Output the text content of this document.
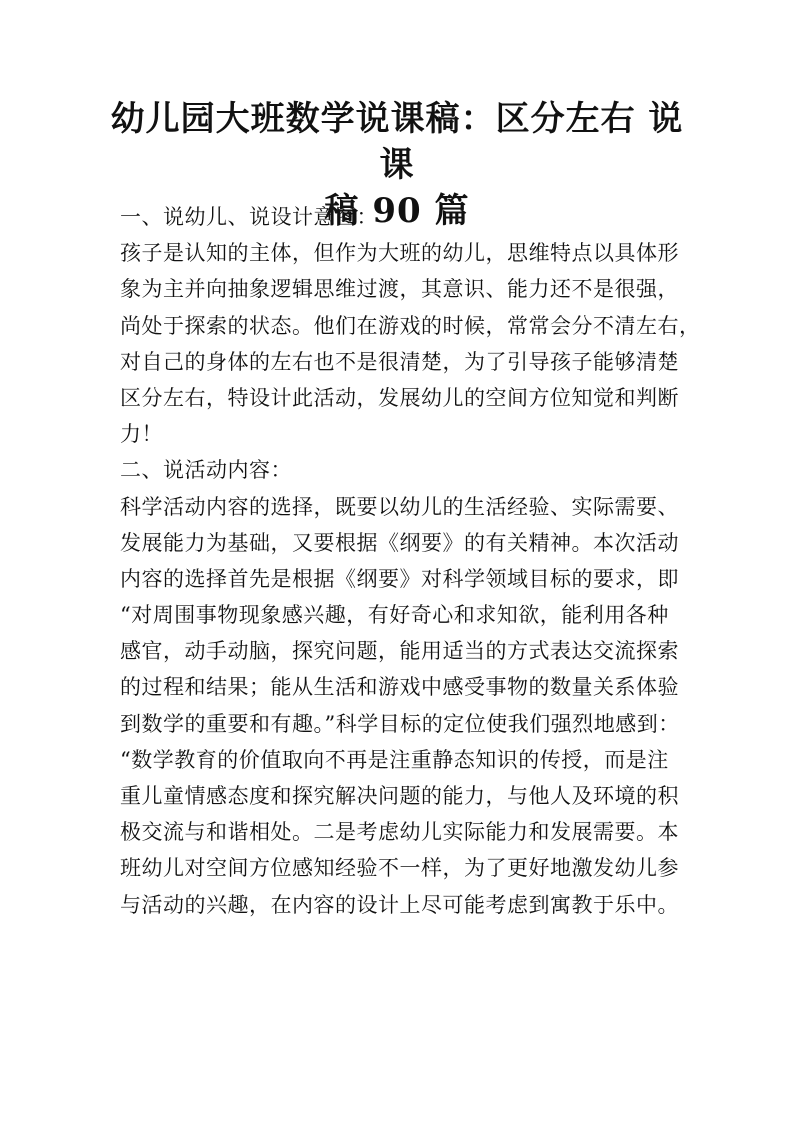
幼儿园大班数学说课稿：区分左右 说课
稿 90 篇
一、说幼儿、说设计意图：
孩子是认知的主体，但作为大班的幼儿，思维特点以具体形
象为主并向抽象逻辑思维过渡，其意识、能力还不是很强，
尚处于探索的状态。他们在游戏的时候，常常会分不清左右，
对自己的身体的左右也不是很清楚，为了引导孩子能够清楚
区分左右，特设计此活动，发展幼儿的空间方位知觉和判断
力！
二、说活动内容：
科学活动内容的选择，既要以幼儿的生活经验、实际需要、
发展能力为基础，又要根据《纲要》的有关精神。本次活动
内容的选择首先是根据《纲要》对科学领域目标的要求，即
“对周围事物现象感兴趣，有好奇心和求知欲，能利用各种
感官，动手动脑，探究问题，能用适当的方式表达交流探索
的过程和结果；能从生活和游戏中感受事物的数量关系体验
到数学的重要和有趣。”科学目标的定位使我们强烈地感到：
“数学教育的价值取向不再是注重静态知识的传授，而是注
重儿童情感态度和探究解决问题的能力，与他人及环境的积
极交流与和谐相处。二是考虑幼儿实际能力和发展需要。本
班幼儿对空间方位感知经验不一样，为了更好地激发幼儿参
与活动的兴趣，在内容的设计上尽可能考虑到寓教于乐中。
